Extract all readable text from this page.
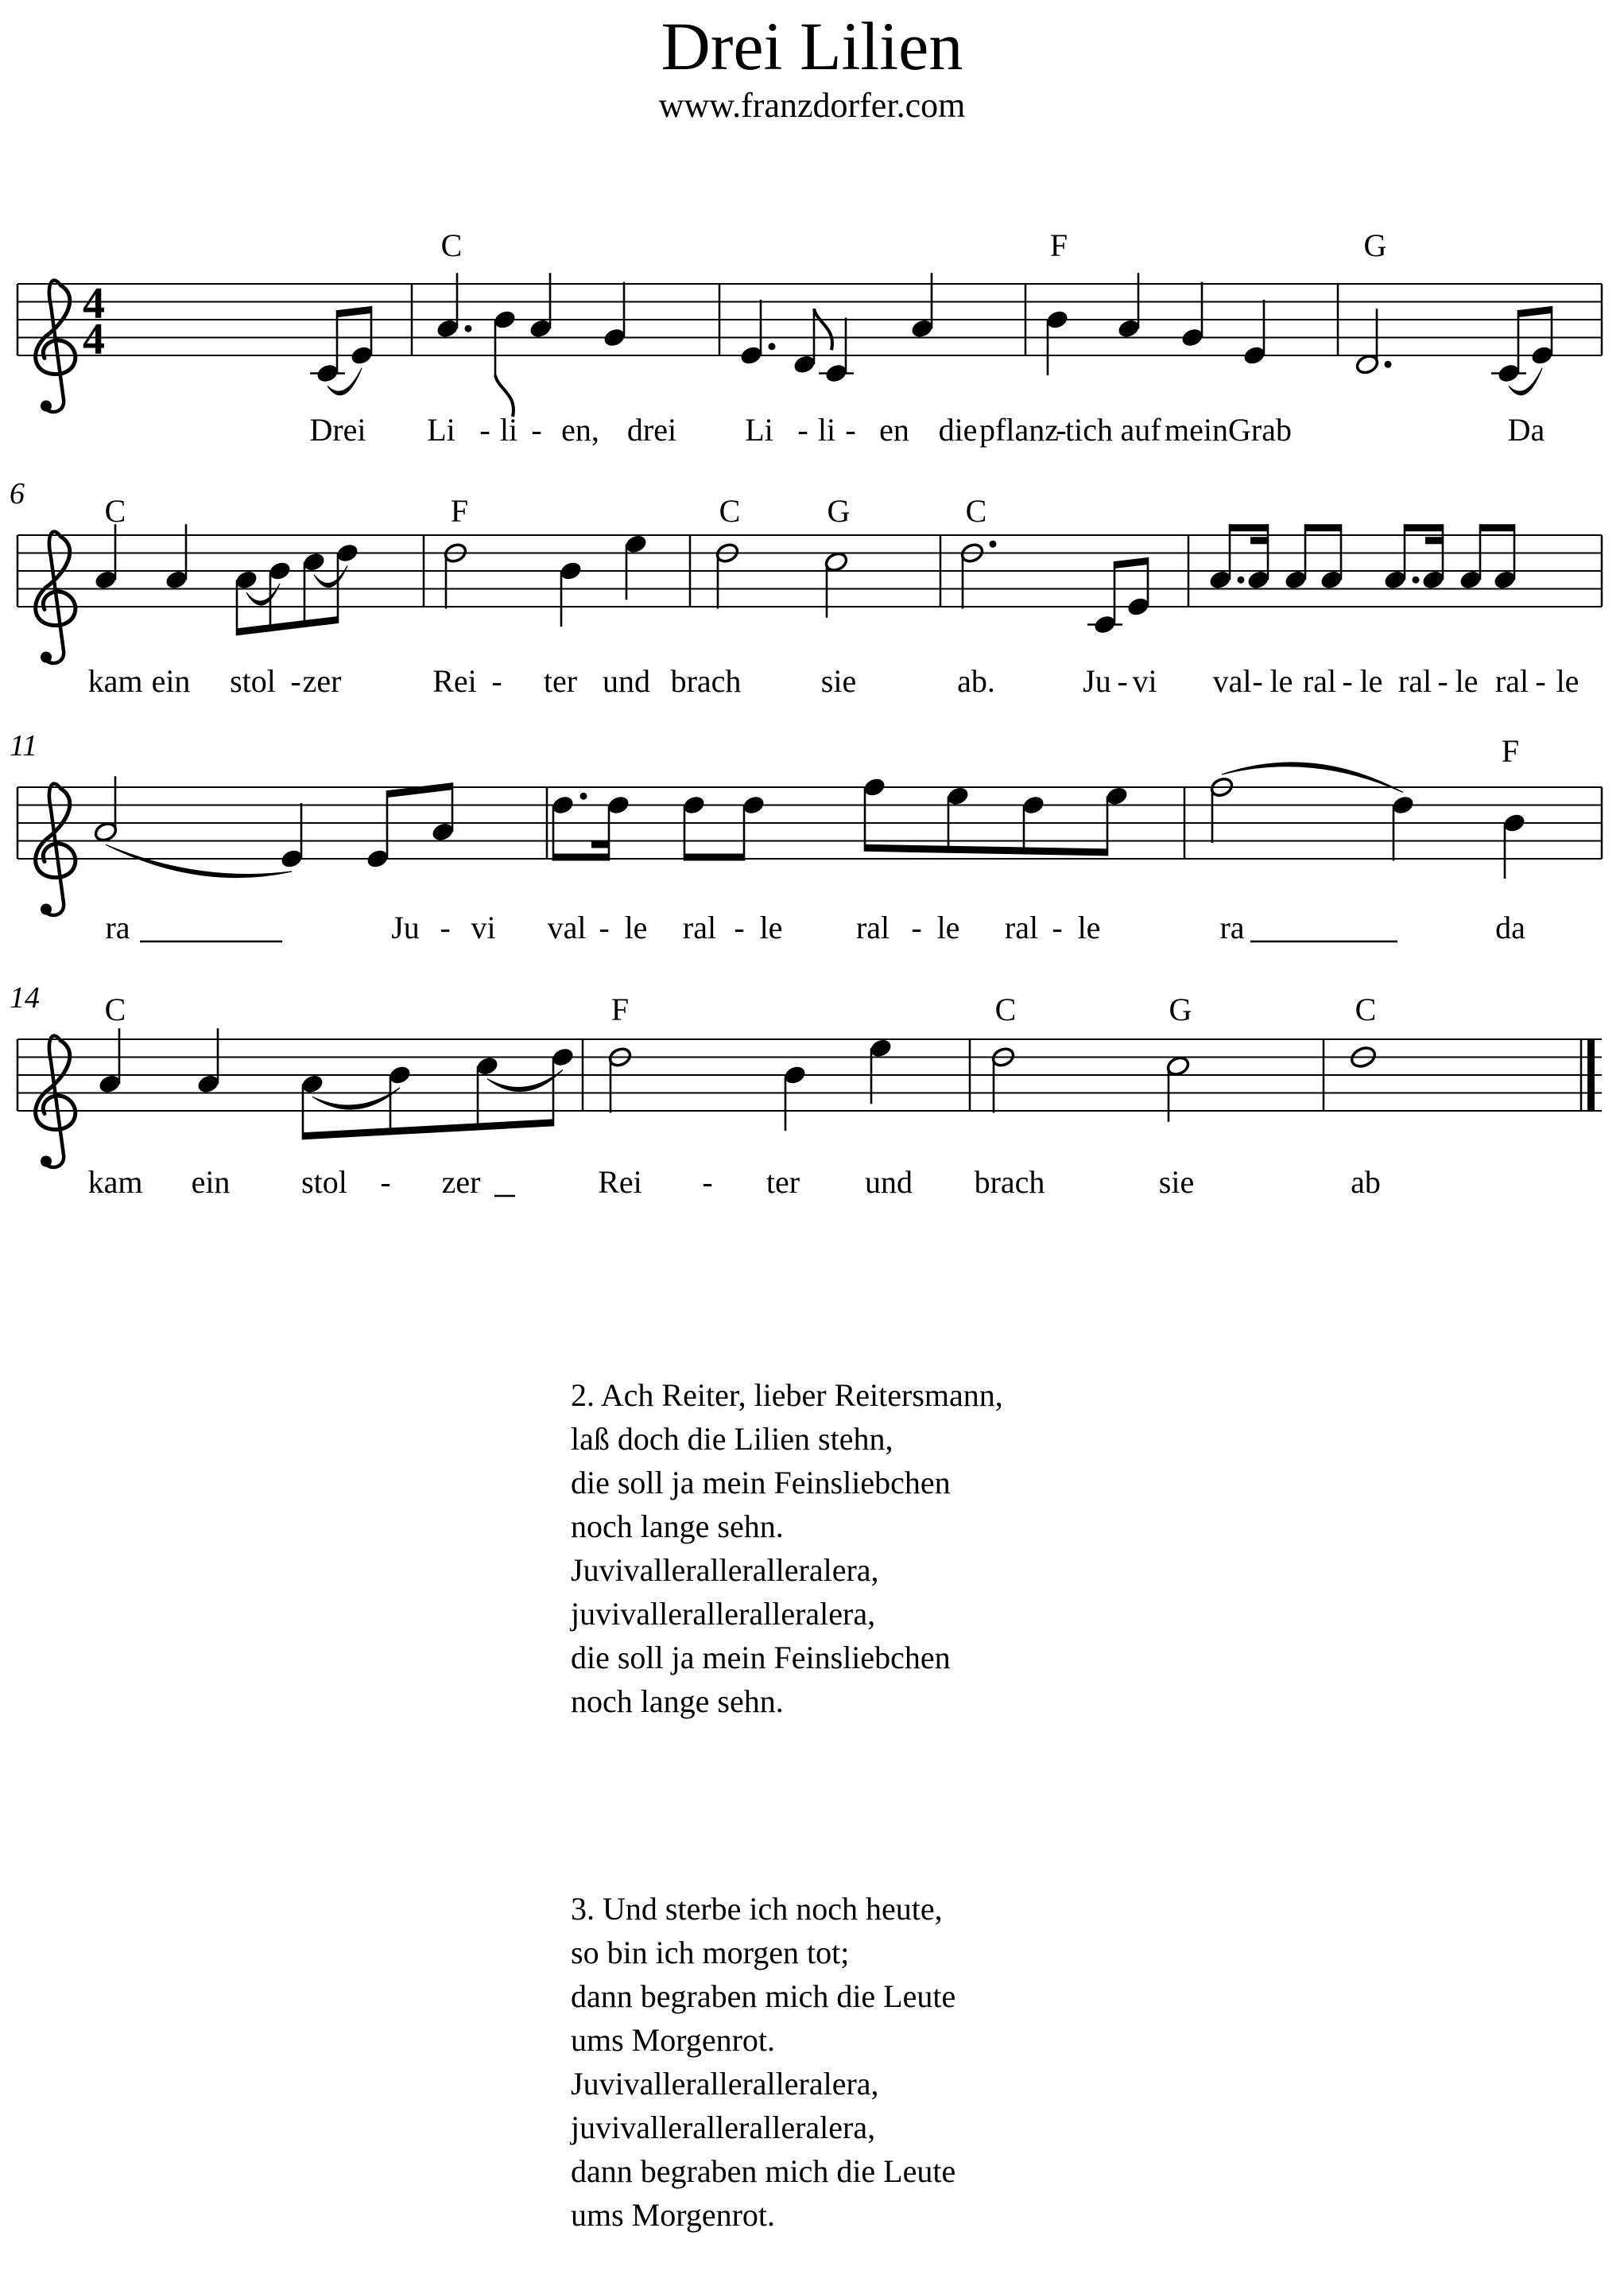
Drei Lilien
www.franzdorfer.com
4
4
C	F	G
Drei Li - li - en, drei Li - li - en die pflanz
-
tich auf mein Grab	Da
6	C	F	C	G	C
kam ein stol - zer	Rei - ter und brach	sie	ab.	Ju - vi val - le ral - le ral - le ral - le
11	F
ra	Ju - vi val - le ral - le ral - le ral - le	ra	da
14 C	F	C	G	C
kam ein stol - zer	Rei - ter und brach	sie	ab
2. Ach Reiter, lieber Reitersmann,
laß doch die Lilien stehn,
die soll ja mein Feinsliebchen
noch lange sehn.
Juvivalleralleralleralera,
juvivalleralleralleralera,
die soll ja mein Feinsliebchen
noch lange sehn.
3. Und sterbe ich noch heute,
so bin ich morgen tot;
dann begraben mich die Leute
ums Morgenrot.
Juvivalleralleralleralera,
juvivalleralleralleralera,
dann begraben mich die Leute
ums Morgenrot.
